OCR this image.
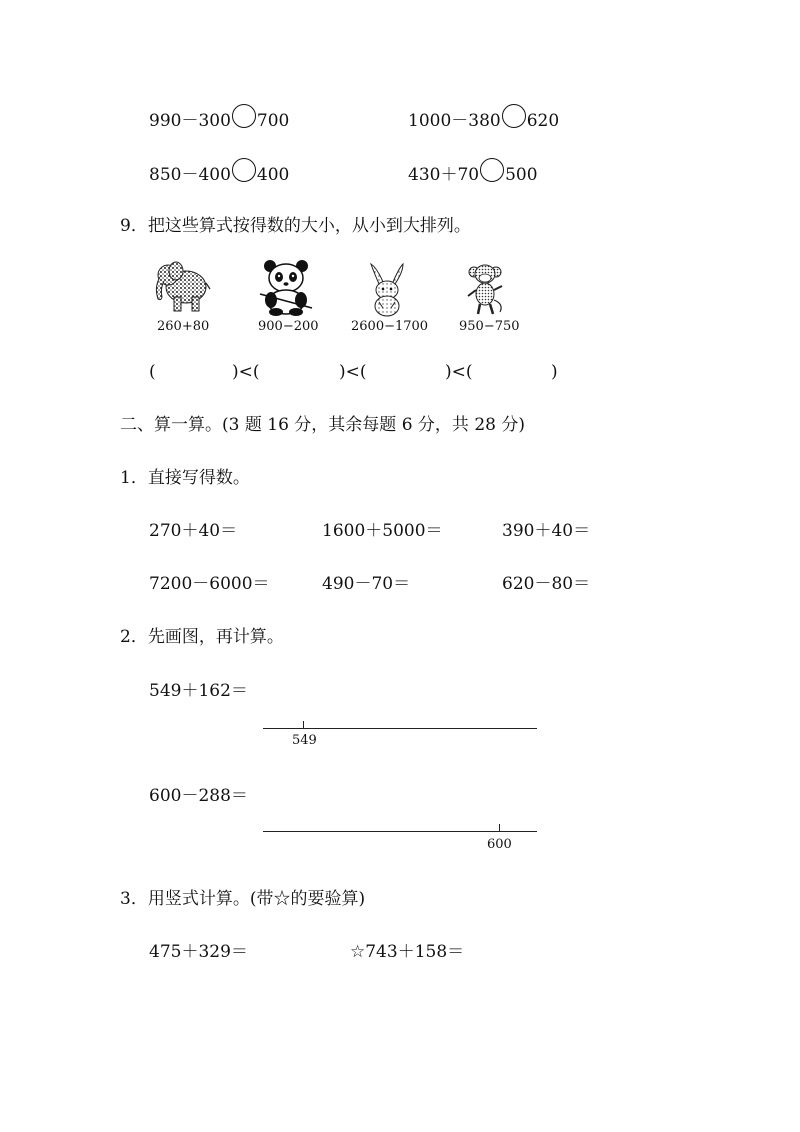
990－300 700	1000－380 620
850－400 400	430＋70 500
9．把这些算式按得数的大小，从小到大排列。
260+80	900−200 2600−1700 950−750
(	)<(	)<(	)<(	)
二、算一算。(3 题 16 分，其余每题 6 分，共 28 分)
1．直接写得数。
270＋40＝	1600＋5000＝	390＋40＝
7200－6000＝	490－70＝	620－80＝
2．先画图，再计算。
549＋162＝
549
600－288＝
600
3．用竖式计算。(带☆的要验算)
475＋329＝	☆743＋158＝
